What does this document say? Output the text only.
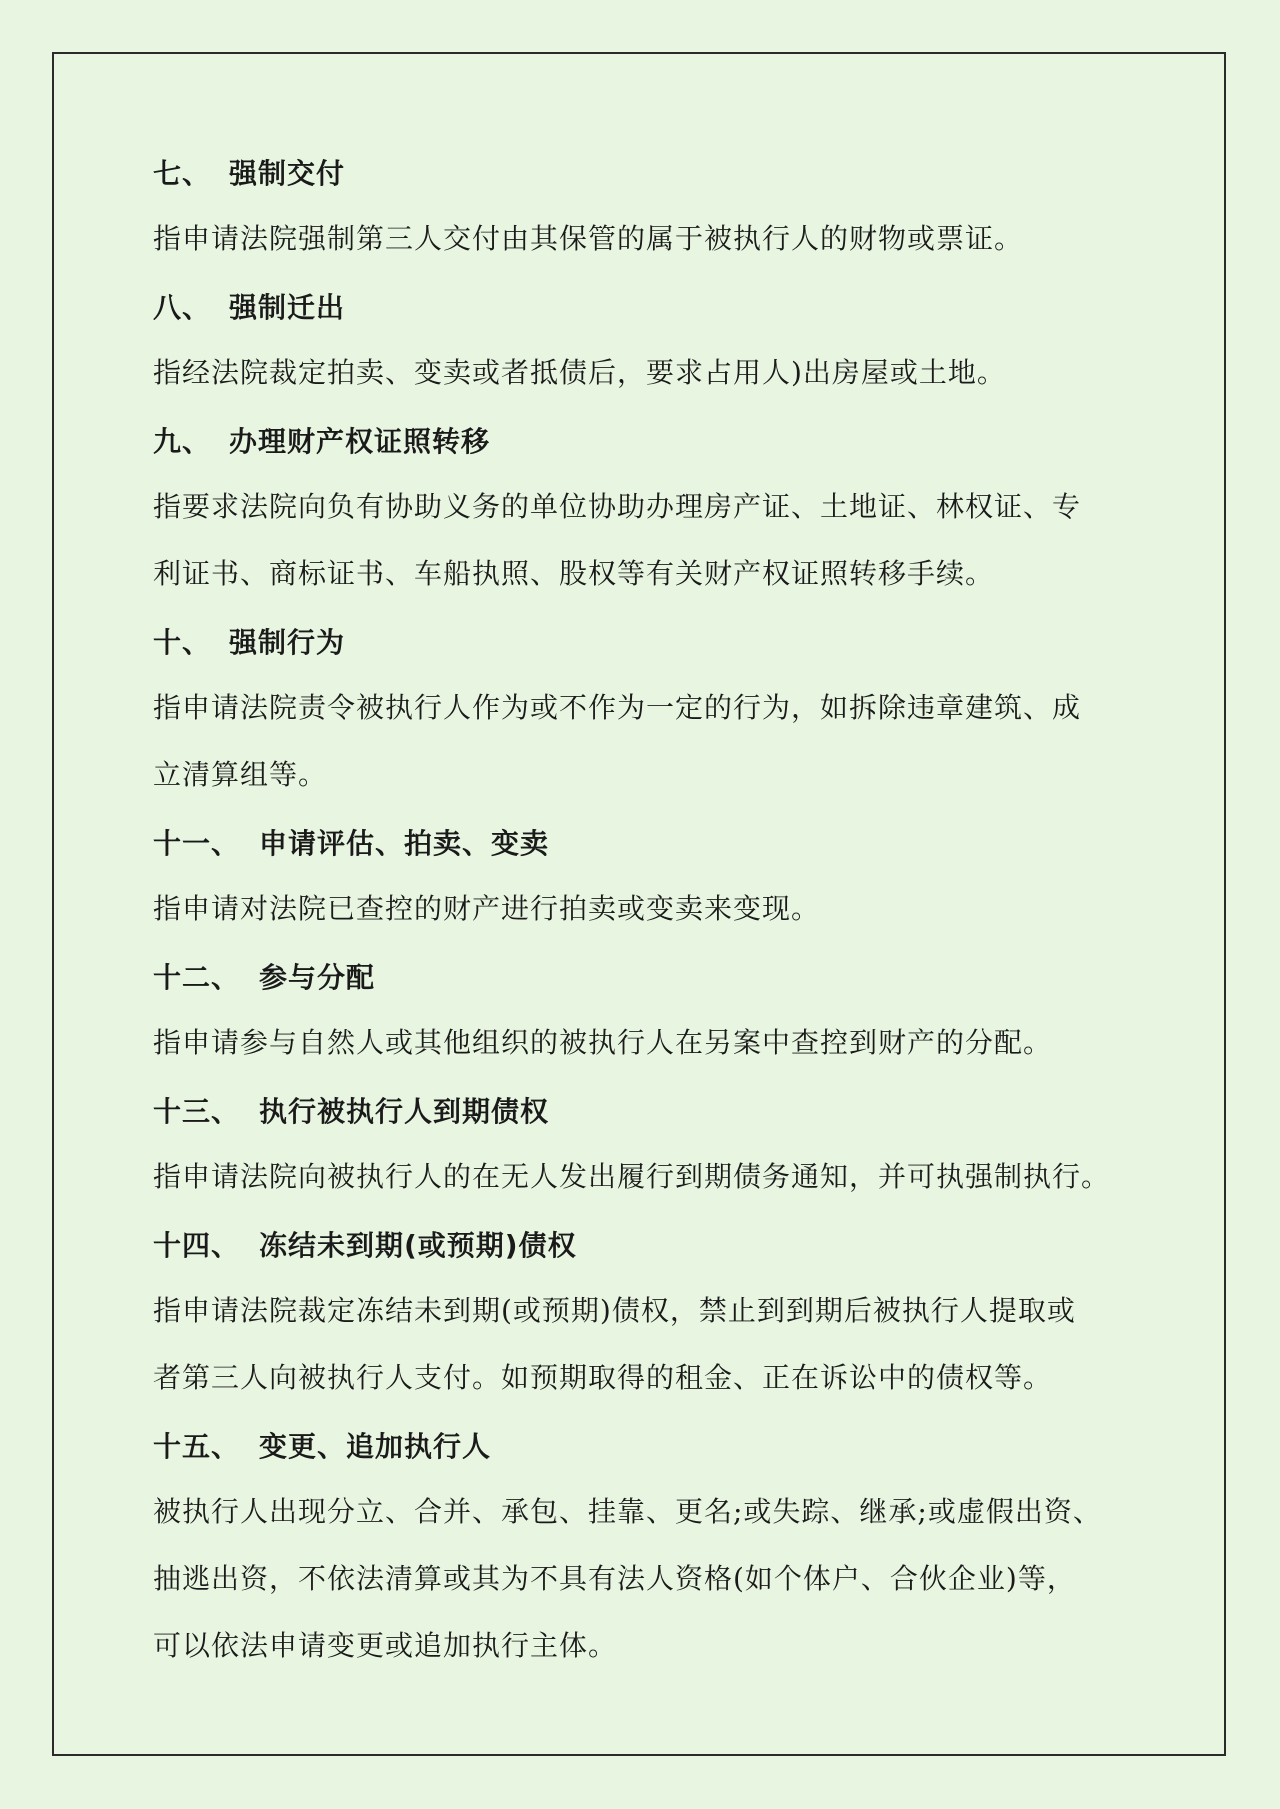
七、 强制交付

指申请法院强制第三人交付由其保管的属于被执行人的财物或票证。

八、 强制迁出

指经法院裁定拍卖、变卖或者抵债后，要求占用人)出房屋或土地。

九、 办理财产权证照转移

指要求法院向负有协助义务的单位协助办理房产证、土地证、林权证、专
利证书、商标证书、车船执照、股权等有关财产权证照转移手续。

十、 强制行为

指申请法院责令被执行人作为或不作为一定的行为，如拆除违章建筑、成
立清算组等。

十一、 申请评估、拍卖、变卖

指申请对法院已查控的财产进行拍卖或变卖来变现。

十二、 参与分配

指申请参与自然人或其他组织的被执行人在另案中查控到财产的分配。

十三、 执行被执行人到期债权

指申请法院向被执行人的在无人发出履行到期债务通知，并可执强制执行。

十四、 冻结未到期(或预期)债权

指申请法院裁定冻结未到期(或预期)债权，禁止到到期后被执行人提取或
者第三人向被执行人支付。如预期取得的租金、正在诉讼中的债权等。

十五、 变更、追加执行人

被执行人出现分立、合并、承包、挂靠、更名;或失踪、继承;或虚假出资、
抽逃出资，不依法清算或其为不具有法人资格(如个体户、合伙企业)等，
可以依法申请变更或追加执行主体。
